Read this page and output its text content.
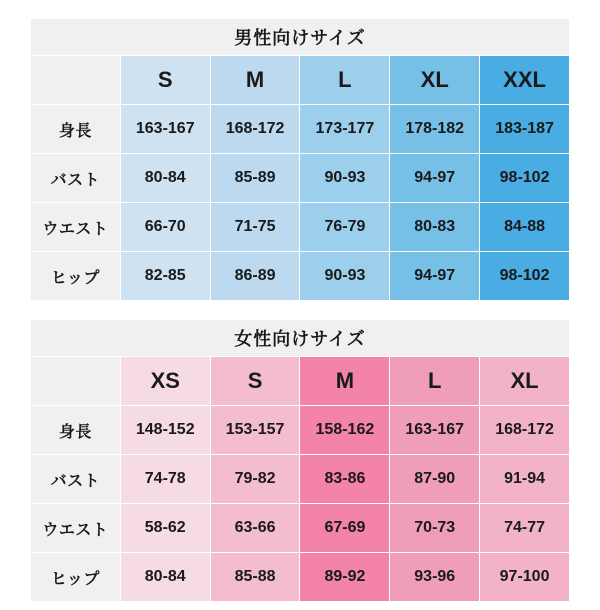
男性向けサイズ					
	S	M	L	XL	XXL
身長	163-167	168-172	173-177	178-182	183-187
バスト	80-84	85-89	90-93	94-97	98-102
ウエスト	66-70	71-75	76-79	80-83	84-88
ヒップ	82-85	86-89	90-93	94-97	98-102
女性向けサイズ					
	XS	S	M	L	XL
身長	148-152	153-157	158-162	163-167	168-172
バスト	74-78	79-82	83-86	87-90	91-94
ウエスト	58-62	63-66	67-69	70-73	74-77
ヒップ	80-84	85-88	89-92	93-96	97-100
